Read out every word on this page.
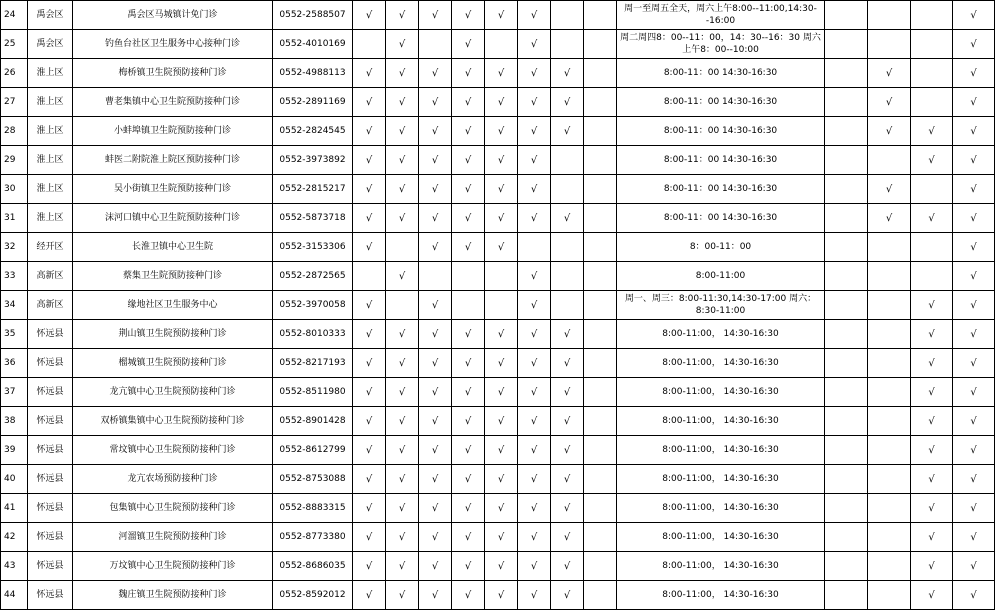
24	禹会区	禹会区马城镇计免门诊	0552-2588507	√	√	√	√	√	√			周一至周五全天，周六上午8:00--11:00,14:30--16:00				√
25	禹会区	钓鱼台社区卫生服务中心接种门诊	0552-4010169		√		√		√			周二周四8：00--11：00，14：30--16：30 周六上午8：00--10:00				√
26	淮上区	梅桥镇卫生院预防接种门诊	0552-4988113	√	√	√	√	√	√	√		8:00-11：00 14:30-16:30		√		√
27	淮上区	曹老集镇中心卫生院预防接种门诊	0552-2891169	√	√	√	√	√	√	√		8:00-11：00 14:30-16:30		√		√
28	淮上区	小蚌埠镇卫生院预防接种门诊	0552-2824545	√	√	√	√	√	√	√		8:00-11：00 14:30-16:30		√	√	√
29	淮上区	蚌医二附院淮上院区预防接种门诊	0552-3973892	√	√	√	√	√	√			8:00-11：00 14:30-16:30			√	√
30	淮上区	吴小街镇卫生院预防接种门诊	0552-2815217	√	√	√	√	√	√			8:00-11：00 14:30-16:30		√		√
31	淮上区	沫河口镇中心卫生院预防接种门诊	0552-5873718	√	√	√	√	√	√	√		8:00-11：00 14:30-16:30		√	√	√
32	经开区	长淮卫镇中心卫生院	0552-3153306	√		√	√	√				8：00-11：00				√
33	高新区	蔡集卫生院预防接种门诊	0552-2872565		√				√			8:00-11:00				√
34	高新区	缘地社区卫生服务中心	0552-3970058	√		√			√			周一、周三：8:00-11:30,14:30-17:00 周六：8:30-11:00			√	√
35	怀远县	荆山镇卫生院预防接种门诊	0552-8010333	√	√	√	√	√	√	√		8:00-11:00， 14:30-16:30			√	√
36	怀远县	榴城镇卫生院预防接种门诊	0552-8217193	√	√	√	√	√	√	√		8:00-11:00， 14:30-16:30			√	√
37	怀远县	龙亢镇中心卫生院预防接种门诊	0552-8511980	√	√	√	√	√	√	√		8:00-11:00， 14:30-16:30			√	√
38	怀远县	双桥镇集镇中心卫生院预防接种门诊	0552-8901428	√	√	√	√	√	√	√		8:00-11:00， 14:30-16:30			√	√
39	怀远县	常坟镇中心卫生院预防接种门诊	0552-8612799	√	√	√	√	√	√	√		8:00-11:00， 14:30-16:30			√	√
40	怀远县	龙亢农场预防接种门诊	0552-8753088	√	√	√	√	√	√	√		8:00-11:00， 14:30-16:30			√	√
41	怀远县	包集镇中心卫生院预防接种门诊	0552-8883315	√	√	√	√	√	√	√		8:00-11:00， 14:30-16:30			√	√
42	怀远县	河溜镇卫生院预防接种门诊	0552-8773380	√	√	√	√	√	√	√		8:00-11:00， 14:30-16:30			√	√
43	怀远县	万坟镇中心卫生院预防接种门诊	0552-8686035	√	√	√	√	√	√	√		8:00-11:00， 14:30-16:30			√	√
44	怀远县	魏庄镇卫生院预防接种门诊	0552-8592012	√	√	√	√	√	√	√		8:00-11:00， 14:30-16:30			√	√
